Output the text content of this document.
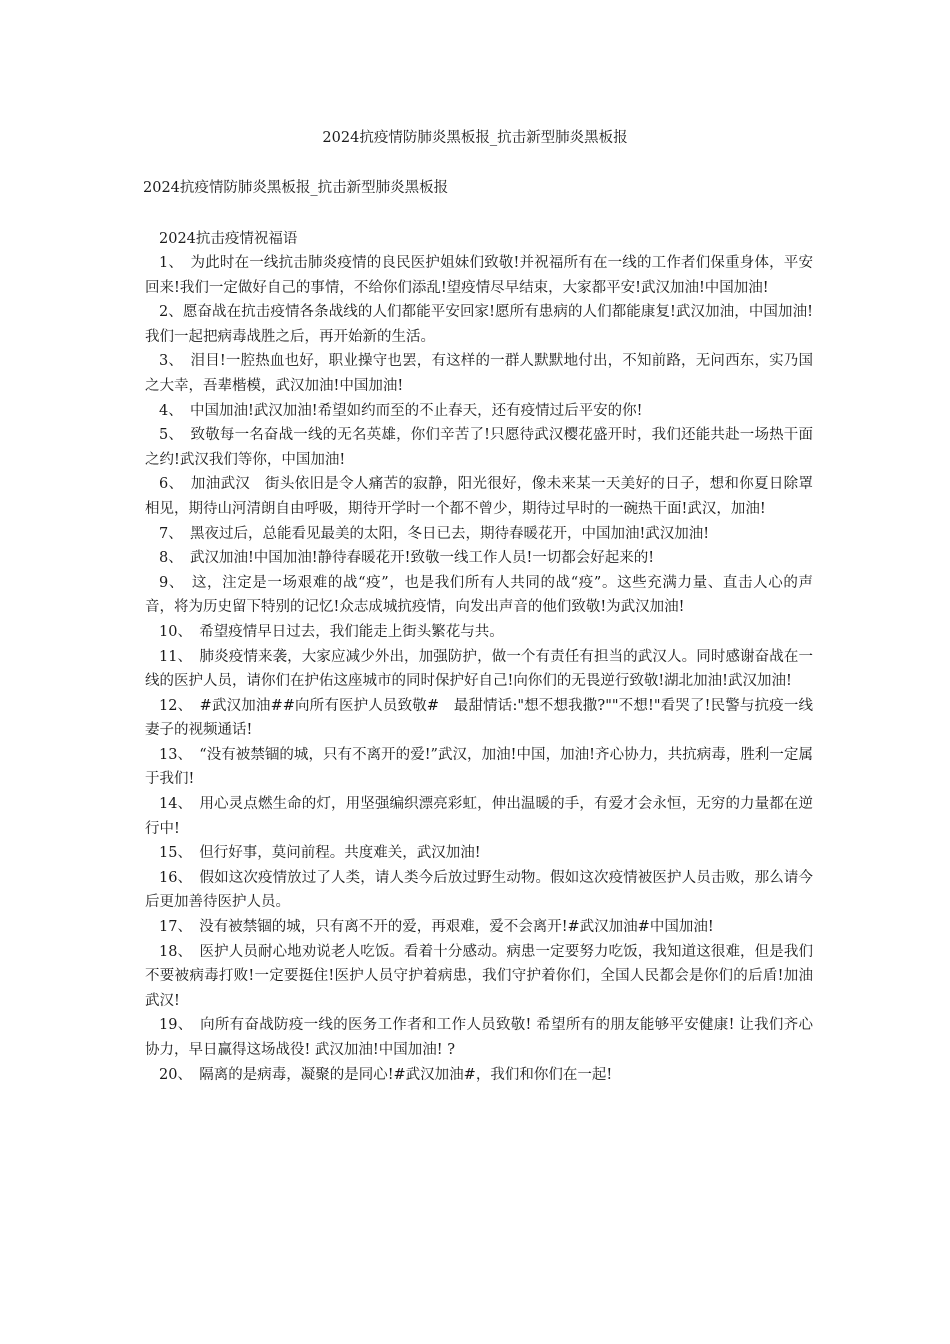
2024抗疫情防肺炎黑板报_抗击新型肺炎黑板报
2024抗疫情防肺炎黑板报_抗击新型肺炎黑板报
2024抗击疫情祝福语

1、　为此时在一线抗击肺炎疫情的良民医护姐妹们致敬!并祝福所有在一线的工作者们保重身体，平安回来!我们一定做好自己的事情，不给你们添乱!望疫情尽早结束，大家都平安!武汉加油!中国加油!

2、愿奋战在抗击疫情各条战线的人们都能平安回家!愿所有患病的人们都能康复!武汉加油，中国加油!我们一起把病毒战胜之后，再开始新的生活。

3、　泪目!一腔热血也好，职业操守也罢，有这样的一群人默默地付出，不知前路，无问西东，实乃国之大幸，吾辈楷模，武汉加油!中国加油!

4、　中国加油!武汉加油!希望如约而至的不止春天，还有疫情过后平安的你!

5、　致敬每一名奋战一线的无名英雄，你们辛苦了!只愿待武汉樱花盛开时，我们还能共赴一场热干面之约!武汉我们等你，中国加油!

6、　加油武汉　街头依旧是令人痛苦的寂静，阳光很好，像未来某一天美好的日子，想和你夏日除罩相见，期待山河清朗自由呼吸，期待开学时一个都不曾少，期待过早时的一碗热干面!武汉，加油!

7、　黑夜过后，总能看见最美的太阳，冬日已去，期待春暖花开，中国加油!武汉加油!

8、　武汉加油!中国加油!静待春暖花开!致敬一线工作人员!一切都会好起来的!

9、　这，注定是一场艰难的战“疫”，也是我们所有人共同的战“疫”。这些充满力量、直击人心的声音，将为历史留下特别的记忆!众志成城抗疫情，向发出声音的他们致敬!为武汉加油!

10、　希望疫情早日过去，我们能走上街头繁花与共。

11、　肺炎疫情来袭，大家应减少外出，加强防护，做一个有责任有担当的武汉人。同时感谢奋战在一线的医护人员，请你们在护佑这座城市的同时保护好自己!向你们的无畏逆行致敬!湖北加油!武汉加油!

12、　#武汉加油##向所有医护人员致敬#　最甜情话:"想不想我撒?""不想!"看哭了!民警与抗疫一线妻子的视频通话!

13、　“没有被禁锢的城，只有不离开的爱!”武汉，加油!中国，加油!齐心协力，共抗病毒，胜利一定属于我们!

14、　用心灵点燃生命的灯，用坚强编织漂亮彩虹，伸出温暖的手，有爱才会永恒，无穷的力量都在逆行中!

15、　但行好事，莫问前程。共度难关，武汉加油!

16、　假如这次疫情放过了人类，请人类今后放过野生动物。假如这次疫情被医护人员击败，那么请今后更加善待医护人员。

17、　没有被禁锢的城，只有离不开的爱，再艰难，爱不会离开!#武汉加油#中国加油!

18、　医护人员耐心地劝说老人吃饭。看着十分感动。病患一定要努力吃饭，我知道这很难，但是我们不要被病毒打败!一定要挺住!医护人员守护着病患，我们守护着你们，全国人民都会是你们的后盾!加油武汉!

19、　向所有奋战防疫一线的医务工作者和工作人员致敬! 希望所有的朋友能够平安健康! 让我们齐心协力，早日赢得这场战役! 武汉加油!中国加油! ?

20、　隔离的是病毒，凝聚的是同心!#武汉加油#，我们和你们在一起!
